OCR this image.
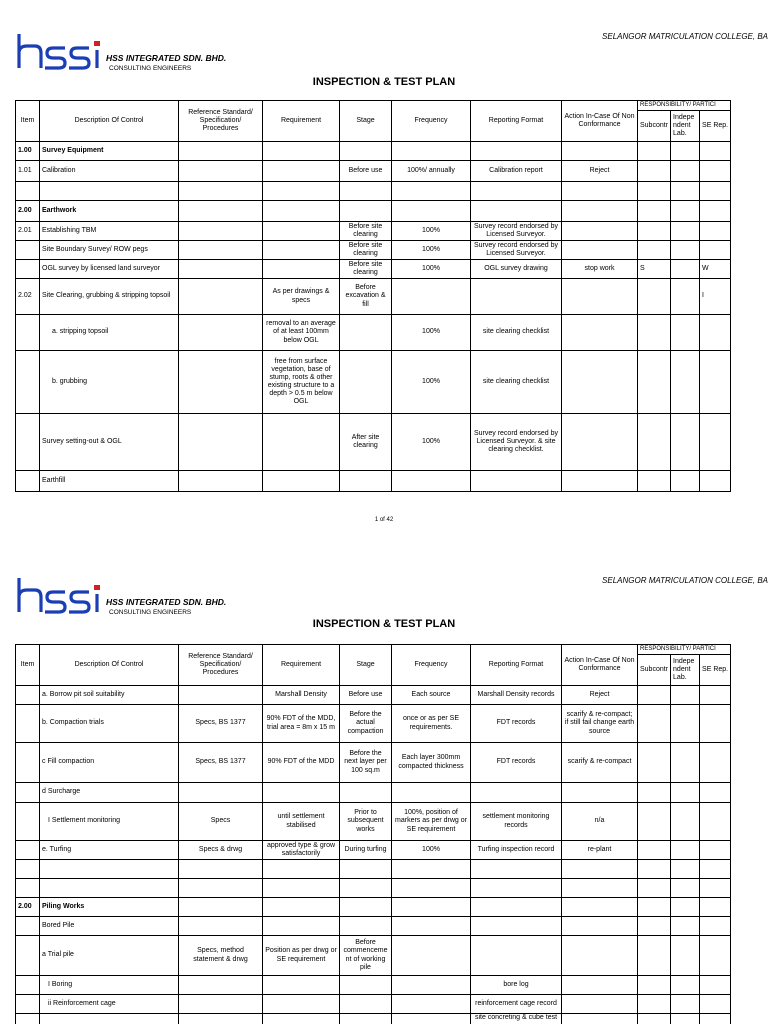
SELANGOR MATRICULATION COLLEGE, BA
HSS INTEGRATED SDN. BHD.
CONSULTING ENGINEERS
INSPECTION & TEST PLAN
Item	Description Of Control	Reference Standard/ Specification/ Procedures	Requirement	Stage	Frequency	Reporting Format	Action In-Case Of Non Conformance	RESPONSIBILITY/ PARTICI		
								Subcontr	Indepe ndent Lab.	SE Rep.
1.00	Survey Equipment									
1.01	Calibration			Before use	100%/ annually	Calibration report	Reject			

2.00	Earthwork									
2.01	Establishing TBM			Before site clearing	100%	Survey record endorsed by Licensed Surveyor.				
	Site Boundary Survey/ ROW pegs			Before site clearing	100%	Survey record endorsed by Licensed Surveyor.				
	OGL survey by licensed land surveyor			Before site clearing	100%	OGL survey drawing	stop work	S		W
2.02	Site Clearing, grubbing & stripping topsoil		As per drawings & specs	Before excavation & fill						I
	a. stripping topsoil		removal to an average of at least 100mm below OGL		100%	site clearing checklist				
	b. grubbing		free from surface vegetation, base of stump, roots & other existing structure to a depth > 0.5 m below OGL		100%	site clearing checklist				
	Survey setting-out & OGL			After site clearing	100%	Survey record endorsed by Licensed Surveyor. & site clearing checklist.				
	Earthfill									
1 of 42
SELANGOR MATRICULATION COLLEGE, BA
HSS INTEGRATED SDN. BHD.
CONSULTING ENGINEERS
INSPECTION & TEST PLAN
Item	Description Of Control	Reference Standard/ Specification/ Procedures	Requirement	Stage	Frequency	Reporting Format	Action In-Case Of Non Conformance	RESPONSIBILITY/ PARTICI		
								Subcontr	Indepe ndent Lab.	SE Rep.
	a. Borrow pit soil suitability		Marshall Density	Before use	Each source	Marshall Density records	Reject			
	b. Compaction trials	Specs, BS 1377	90% FDT of the MDD, trial area = 8m x 15 m	Before the actual compaction	once or as per SE requirements.	FDT records	scarify & re-compact; if still fail change earth source			
	c Fill compaction	Specs, BS 1377	90% FDT of the MDD	Before the next layer per 100 sq.m	Each layer 300mm compacted thickness	FDT records	scarify & re-compact			
	d Surcharge									
	I Settlement monitoring	Specs	until settlement stabilised	Prior to subsequent works	100%, position of markers as per drwg or SE requirement	settlement monitoring records	n/a			
	e. Turfing	Specs & drwg	approved type & grow satisfactorily	During turfing	100%	Turfing inspection record	re-plant			

2.00	Piling Works									
	Bored Pile									
	a Trial pile	Specs, method statement & drwg	Position as per drwg or SE requirement	Before commenceme nt of working pile						
	I Boring					bore log				
	ii Reinforcement cage					reinforcement cage record				
						site concreting & cube test				
